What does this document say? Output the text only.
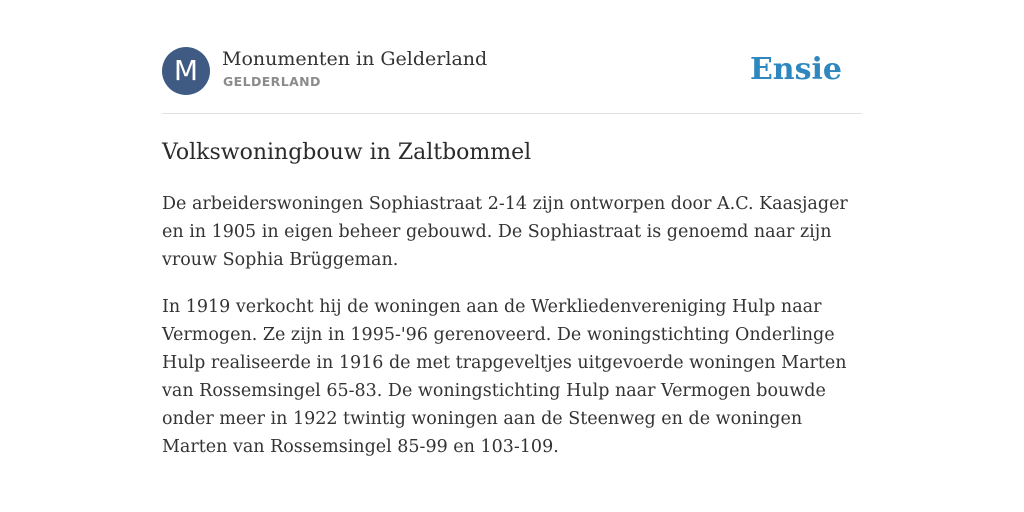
M	Monumenten in Gelderland
GELDERLAND	Ensie
Volkswoningbouw in Zaltbommel

De arbeiderswoningen Sophiastraat 2-14 zijn ontworpen door A.C. Kaasjager en in 1905 in eigen beheer gebouwd. De Sophiastraat is genoemd naar zijn vrouw Sophia Brüggeman.

In 1919 verkocht hij de woningen aan de Werkliedenvereniging Hulp naar Vermogen. Ze zijn in 1995-'96 gerenoveerd. De woningstichting Onderlinge Hulp realiseerde in 1916 de met trapgeveltjes uitgevoerde woningen Marten van Rossemsingel 65-83. De woningstichting Hulp naar Vermogen bouwde onder meer in 1922 twintig woningen aan de Steenweg en de woningen Marten van Rossemsingel 85-99 en 103-109.
